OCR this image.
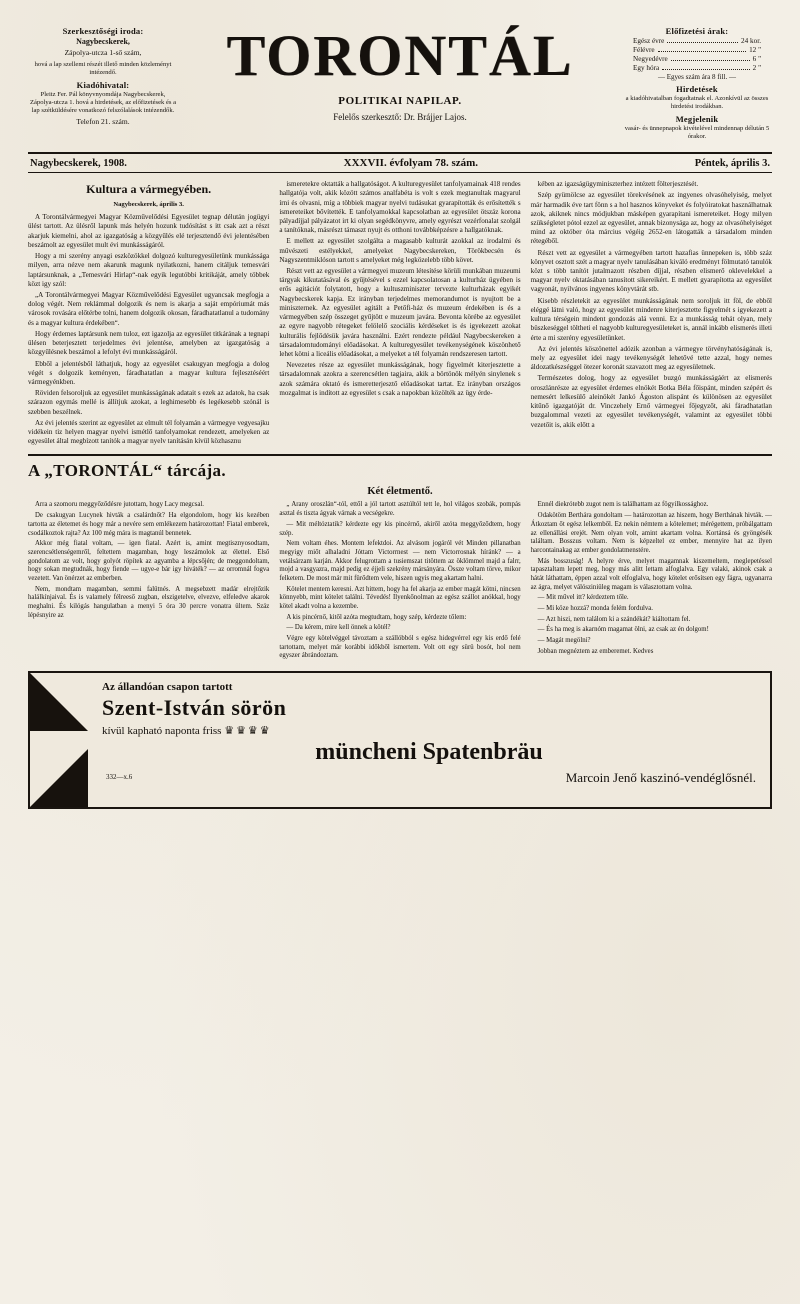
Szerkesztőségi iroda:

Nagybecskerek,

Zápolya-utcza 1-ső szám,

hová a lap szellemi részét illető minden közleményt intézendő.

Kiadóhivatal:

Pleitz Fer. Pál könyvnyomdája Nagybecskerek, Zápolya-utcza 1. hová a hirdetések, az előfizetések és a lap szétküldésére vonatkozó felszólalások intézendők.

Telefon 21. szám.

TORONTÁL
POLITIKAI NAPILAP.
Felelős szerkesztő: Dr. Brájjer Lajos.

Előfizetési árak:

Egész évre	24 kor.
Félévre	12 "
Negyedévre	6 "
Egy hóra	2 "

— Egyes szám ára 8 fill. —

Hirdetések

a kiadóhivatalban fogadtatnak el. Azonkívül az összes hirdetési irodákban.

Megjelenik

vasár- és ünnepnapok kivételével mindennap délután 5 órakor.

Nagybecskerek, 1908.	XXXVII. évfolyam 78. szám.	Péntek, április 3.
Kultura a vármegyében.
Nagybecskerek, április 3.

A Torontálvármegyei Magyar Közművelődési Egyesület tegnap délután jogügyi ülést tartott. Az ülésről lapunk más helyén hozunk tudósítást s itt csak azt a részt akarjuk kiemelni, ahol az igazgatóság a közgyűlés elé terjesztendő évi jelentésében beszámolt az egyesület mult évi munkásságáról.

Hogy a mi szerény anyagi eszközökkel dolgozó kulturegyesületünk munkássága milyen, arra nézve nem akarunk magunk nyilatkozni, hanem citáljuk temesvári laptársunknak, a „Temesvári Hirlap“-nak egyik legutóbbi kritikáját, amely többek közt igy szól:

„A Torontálvármegyei Magyar Közművelődési Egyesület ugyancsak megfogja a dolog végét. Nem reklámmal dolgozik és nem is akarja a saját empóriumát más városok rovására előtérbe tolni, hanem dolgozik okosan, fáradhatatlanul a tudomány és a magyar kultura érdekében“.

Hogy érdemes laptársunk nem tuloz, ezt igazolja az egyesület titkárának a tegnapi ülésen beterjesztett terjedelmes évi jelentése, amelyben az igazgatóság a közgyűlésnek beszámol a lefolyt évi munkásságáról.

Ebből a jelentésből láthatjuk, hogy az egyesület csakugyan megfogja a dolog végét s dolgozik keményen, fáradhatatlan a magyar kultura fejlesztéséért vármegyénkben.

Röviden felsoroljuk az egyesület munkásságának adatait s ezek az adatok, ha csak szárazon egymás mellé is állítjuk azokat, a leghimesebb és legékesebb szónál is szebben beszélnek.

Az évi jelentés szerint az egyesület az elmult tél folyamán a vármegye vegyesajku vidékein tiz helyen magyar nyelvi ismétlő tanfolyamokat rendezett, amelyeken az egyesület által megbízott tanítók a magyar nyelv tanításán kívül közhasznu

ismeretekre oktatták a hallgatóságot. A kulturegyesület tanfolyamainak 418 rendes hallgatója volt, akik között számos analfabéta is volt s ezek megtanultak magyarul írni és olvasni, míg a többiek magyar nyelvi tudásukat gyarapították és erősítették s ismereteiket bővítették. E tanfolyamokkal kapcsolatban az egyesület ötszáz korona pályadíjjal pályázatot irt ki olyan segédkönyvre, amely egyrészt vezérfonalat szolgál a tanítóknak, másrészt támaszt nyujt és otthoni továbbképzésre a hallgatóknak.

E mellett az egyesület szolgálta a magasabb kulturát azokkal az irodalmi és művészeti estélyekkel, amelyeket Nagybecskereken, Törökbecsén és Nagyszentmiklóson tartott s amelyeket még legközelebb több követ.

Részt vett az egyesület a vármegyei muzeum létesítése körüli munkában muzeumi tárgyak kikutatásával és gyűjtésével s ezzel kapcsolatosan a kulturház ügyében is erős agitációt folytatott, hogy a kultuszminiszter tervezte kulturházak egyikét Nagybecskerek kapja. Ez irányban terjedelmes memorandumot is nyujtott be a miniszternek. Az egyesület agitált a Petőfi-ház és muzeum érdekében is és a vármegyében szép összeget gyűjtött e muzeum javára. Bevonta körébe az egyesület az egyre nagyobb rétegeket felölelő szociális kérdéseket is és igyekezett azokat kulturális fejlődésük javára használni. Ezért rendezte például Nagybecskereken a társadalomtudományi előadásokat. A kulturegyesület tevékenységének köszönhető lehet kötni a liceális előadásokat, a melyeket a tél folyamán rendszeresen tartott.

Nevezetes része az egyesület munkásságának, hogy figyelmét kiterjesztette a társadalomnak azokra a szerencsétlen tagjaira, akik a börtönök mélyén sinylenek s azok számára oktató és ismeretterjesztő előadásokat tartat. Ez irányban országos mozgalmat is indított az egyesület s csak a napokban közölték az ügy érde-

kében az igazságügyminiszterhez intézett fölterjesztését.

Szép gyümölcse az egyesület törekvésének az ingyenes olvasóhelyiség, melyet már harmadik éve tart fönn s a hol hasznos könyveket és folyóiratokat használhatnak azok, akiknek nincs módjukban másképen gyarapítani ismereteiket. Hogy milyen szükségletet pótol ezzel az egyesület, annak bizonysága az, hogy az olvasóhelyiséget mind az október óta március végéig 2652-en látogatták a társadalom minden rétegéből.

Részt vett az egyesület a vármegyében tartott hazafias ünnepeken is, több száz könyvet osztott szét a magyar nyelv tanulásában kiváló eredményt fölmutató tanulók közt s több tanítót jutalmazott részben díjjal, részben elismerő oklevelekkel a magyar nyelv oktatásában tanusított sikereikért. E mellett gyarapította az egyesület vagyonát, nyilvános ingyenes könyvtárát stb.

Kisebb részletekit az egyesület munkásságának nem soroljuk itt föl, de ebből eléggé látni való, hogy az egyesület mindenre kiterjesztette figyelmét s igyekezett a kultura térségein mindent gondozás alá venni. Ez a munkásság tehát olyan, mely büszkeséggel töltheti el nagyobb kulturegyesületeket is, annál inkább elismerés illeti érte a mi szerény egyesületünket.

Az évi jelentés köszönettel adózik azonban a vármegye törvényhatóságának is, mely az egyesület idei nagy tevékenységét lehetővé tette azzal, hogy nemes áldozatkészséggel ötezer koronát szavazott meg az egyesületnek.

Természetes dolog, hogy az egyesület buzgó munkásságáért az elismerés oroszlánrésze az egyesület érdemes elnökét Botka Béla főispánt, minden szépért és nemesért lelkesülő aleinökét Jankó Ágoston alispánt és különösen az egyesület kitűnő igazgatóját dr. Vinczehely Ernő vármegyei főjegyzőt, aki fáradhatatlan buzgalommal vezeti az egyesület tevékenységét, valamint az egyesület többi vezetőit is, akik előtt a

A „TORONTÁL“ tárcája.
Két életmentő.

Arra a szomoru meggyőződésre jutottam, hogy Lacy megcsal.

De csakugyan Lucynek hivták a csalárdnőt? Ha elgondolom, hogy kis kezében tartotta az életemet és hogy már a nevére sem emlékezem határozottan! Fiatal emberek, csodálkoztok rajta? Az 100 még mára is magtanúl bennetek.

Akkor még fiatal voltam, — igen fiatal. Azért is, amint megtisznyosodtam, szerencsétlenségemről, feltettem magamban, hogy leszámolok az élettel. Első gondolatom az volt, hogy golyót röpítek az agyamba a lépcsőjén; de meggondoltam, hogy sokan megtudnák, hogy fiende — ugye-e bár igy hiváték? — az orromnál fogva vezetett. Van önérzet az emberben.

Nem, mondtam magamban, semmi falütnés. A megsebzett madár elrejtőzik halálkínjaival. És is valamely félreeső zugban, elszigetelve, elvezve, elfeledve akarok meghalni. És kilógás hangulatban a menyi 5 óra 30 percre vonatra ültem. Száz lépésnyire az

„ Arany oroszlán“-tól, ettől a jól tartott asztúltól tett le, hol világos szobák, pompás asztal és tiszta ágyak várnak a vecségekre.

— Mit méltóztatik? kérdezte egy kis pincérnő, akiről azóta meggyőződtem, hogy szép.

Nem voltam éhes. Montem lefektdoi. Az alvásom jogáról vét Minden pillanatban megyigy miőt alhaladni Jóttam Victorrnest — nem Victorrosnak híránk? — a vetálsárzam karján. Akkor felugrottam a tusiemszat titöttem az öklömmel majd a falrr, mojd a vasgyazra, majd pedig ez éjjeli szekrény mársányára. Össze voltam törve, mikor felketem. De most már mit fürődtem vele, hiszen ugyis meg akartam halni.

Kötelet mentem keresni. Azt hittem, hogy ha fel akarja az ember magát kötni, nincsen könnyebb, mint kötelet találni. Tévedés! Ilyenkőnolman az egész szállot anókkal, hogy kötel akadt volna a kezembe.

A kis pincérnő, kitől azóta megtudtam, hogy szép, kérdezte tőlem:

— Da kérem, mire kell önnek a kötél?

Végre egy kötelvéggel távoztam a szállóbból s egész hidegvérrel egy kis erdő felé tartottam, melyet már korábbi időkből ismertem. Volt ott egy sürü bosót, hol nem egyszer ábrándoztam.

Ennél diekrótebb zugot nem is találhattam az fögyilkossághoz.

Odakötöm Berthára gondoltam — határozottan az hiszem, hogy Berthának hivták. — Átkoztam őt egész lelkemből. Ez nekin némtem a kötelemet; mérégettem, próbálgattam az ellenállási erejét. Nem olyan volt, amint akartam volna. Kortánsá és gyöngésék találtam. Bosszus voltam. Nem is képzeltel ez ember, mennyire hat az ilyen harcontainakag az ember gondolatmenstére.

Más bosszuság! A helyre érve, melyet magamnak kiszemeltem, meglepetéssel tapasztaltam lepett meg, hogy más alitt lettam alfoglalva. Egy valaki, akinok csak a hátát láthattam, éppen azzal volt elfoglalva, hogy kötelet erősítsen egy fágra, ugyanarra az ágra, melyet válósziniüleg magam is választottam volna.

— Mit művel itt? kérdeztem tőle.

— Mi köze hozzá? monda felém fordulva.

— Azt hiszi, nem találom ki a szándékát? kiáltottam fel.

— És ha meg is akarnóm magamat ölni, az csak az én dolgom!

— Magát megölni?

Jobban megnéztem az emberemet. Kedves

Az állandóan csapon tartott
Szent-István sörön
kívül kapható naponta friss ♛♛♛♛
müncheni Spatenbräu
Marcoin Jenő kaszinó-vendéglősnél.
332—x.6
